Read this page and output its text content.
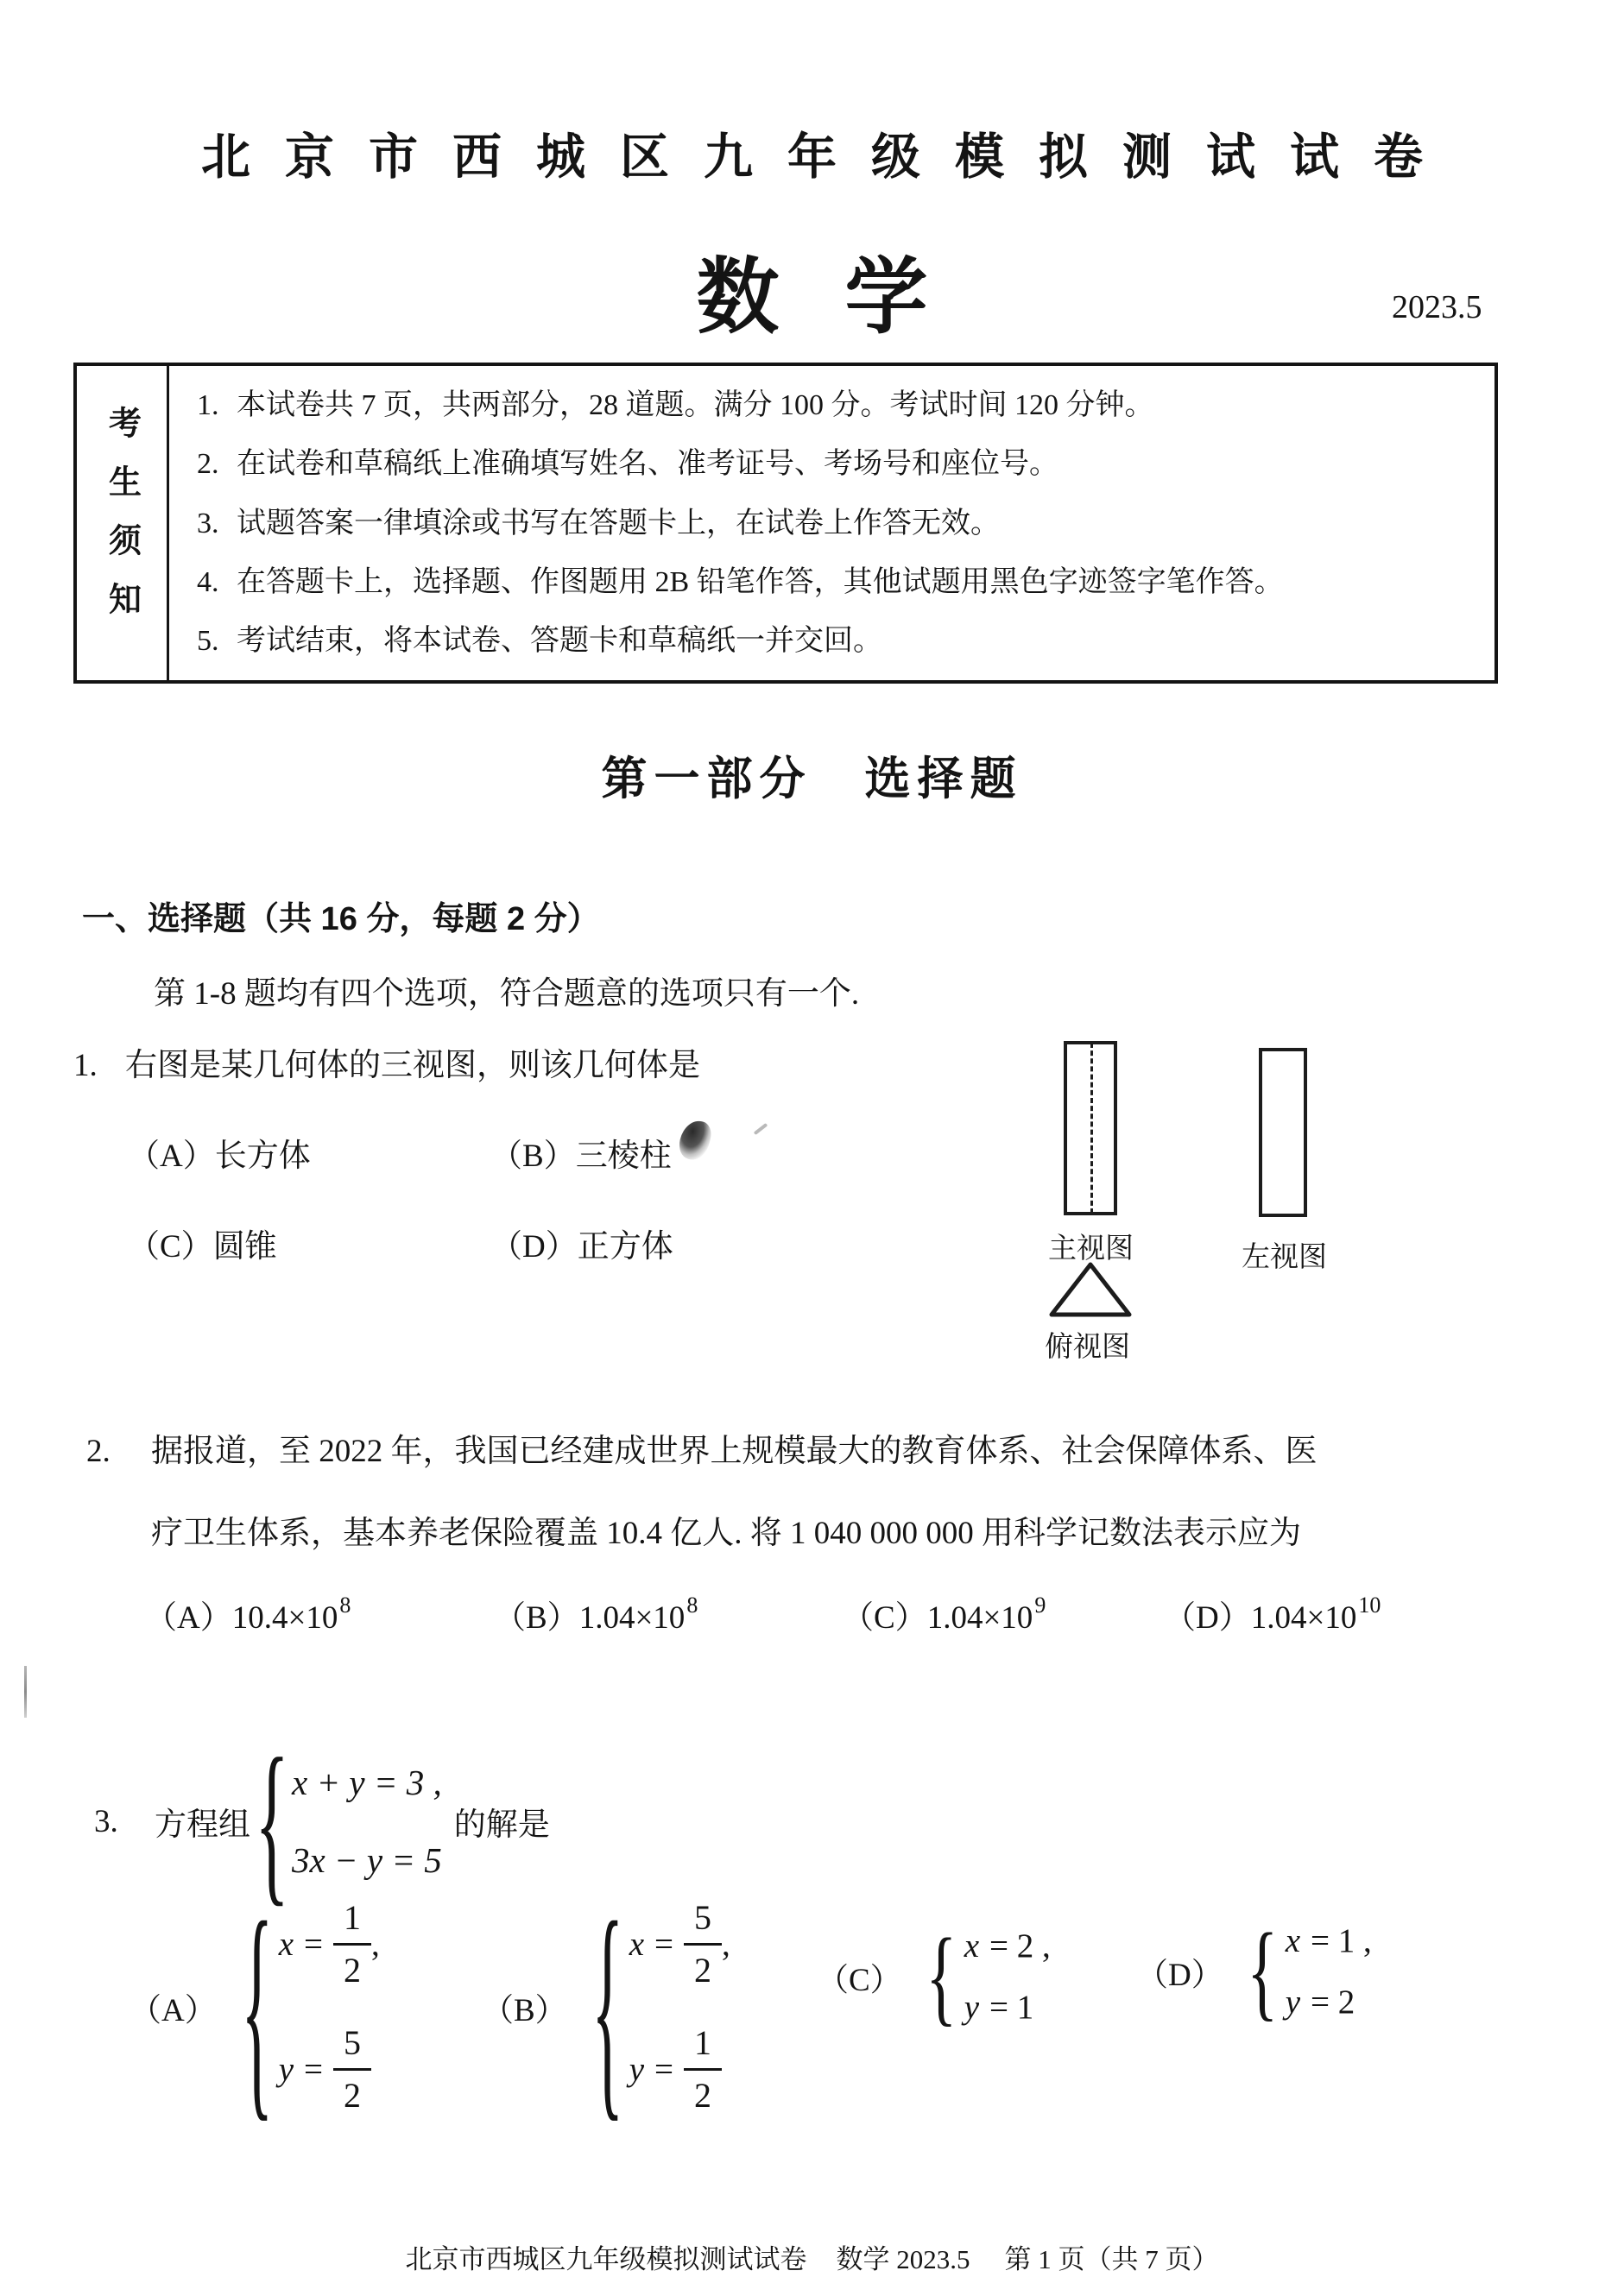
北京市西城区九年级模拟测试试卷
数学	2023.5
考生须知
1. 本试卷共 7 页，共两部分，28 道题。满分 100 分。考试时间 120 分钟。
2. 在试卷和草稿纸上准确填写姓名、准考证号、考场号和座位号。
3. 试题答案一律填涂或书写在答题卡上，在试卷上作答无效。
4. 在答题卡上，选择题、作图题用 2B 铅笔作答，其他试题用黑色字迹签字笔作答。
5. 考试结束，将本试卷、答题卡和草稿纸一并交回。
第一部分　选择题
一、选择题（共 16 分，每题 2 分）
第 1-8 题均有四个选项，符合题意的选项只有一个.
1. 右图是某几何体的三视图，则该几何体是
（A）长方体	（B）三棱柱
（C）圆锥	（D）正方体	主视图	左视图
俯视图
2. 据报道，至 2022 年，我国已经建成世界上规模最大的教育体系、社会保障体系、医
疗卫生体系，基本养老保险覆盖 10.4 亿人. 将 1 040 000 000 用科学记数法表示应为
$(A)10.4\times 10^8$	$(B)1.04\times 10^8$	$(C)1.04\times 10^9$	$(D)1.04\times 10^{10}$
3.	方程组 { x + y = 3 ,
3x − y = 5
的解是
（A） { $x = \frac{1}{2}$ ,
$y = \frac{5}{2}$
（B） { $x = \frac{5}{2}$ ,
$y = \frac{1}{2}$
（C） { x = 2 ,
y = 1
（D） { x = 1 ,
y = 2
北京市西城区九年级模拟测试试卷 数学 2023.5 第 1 页（共 7 页）
